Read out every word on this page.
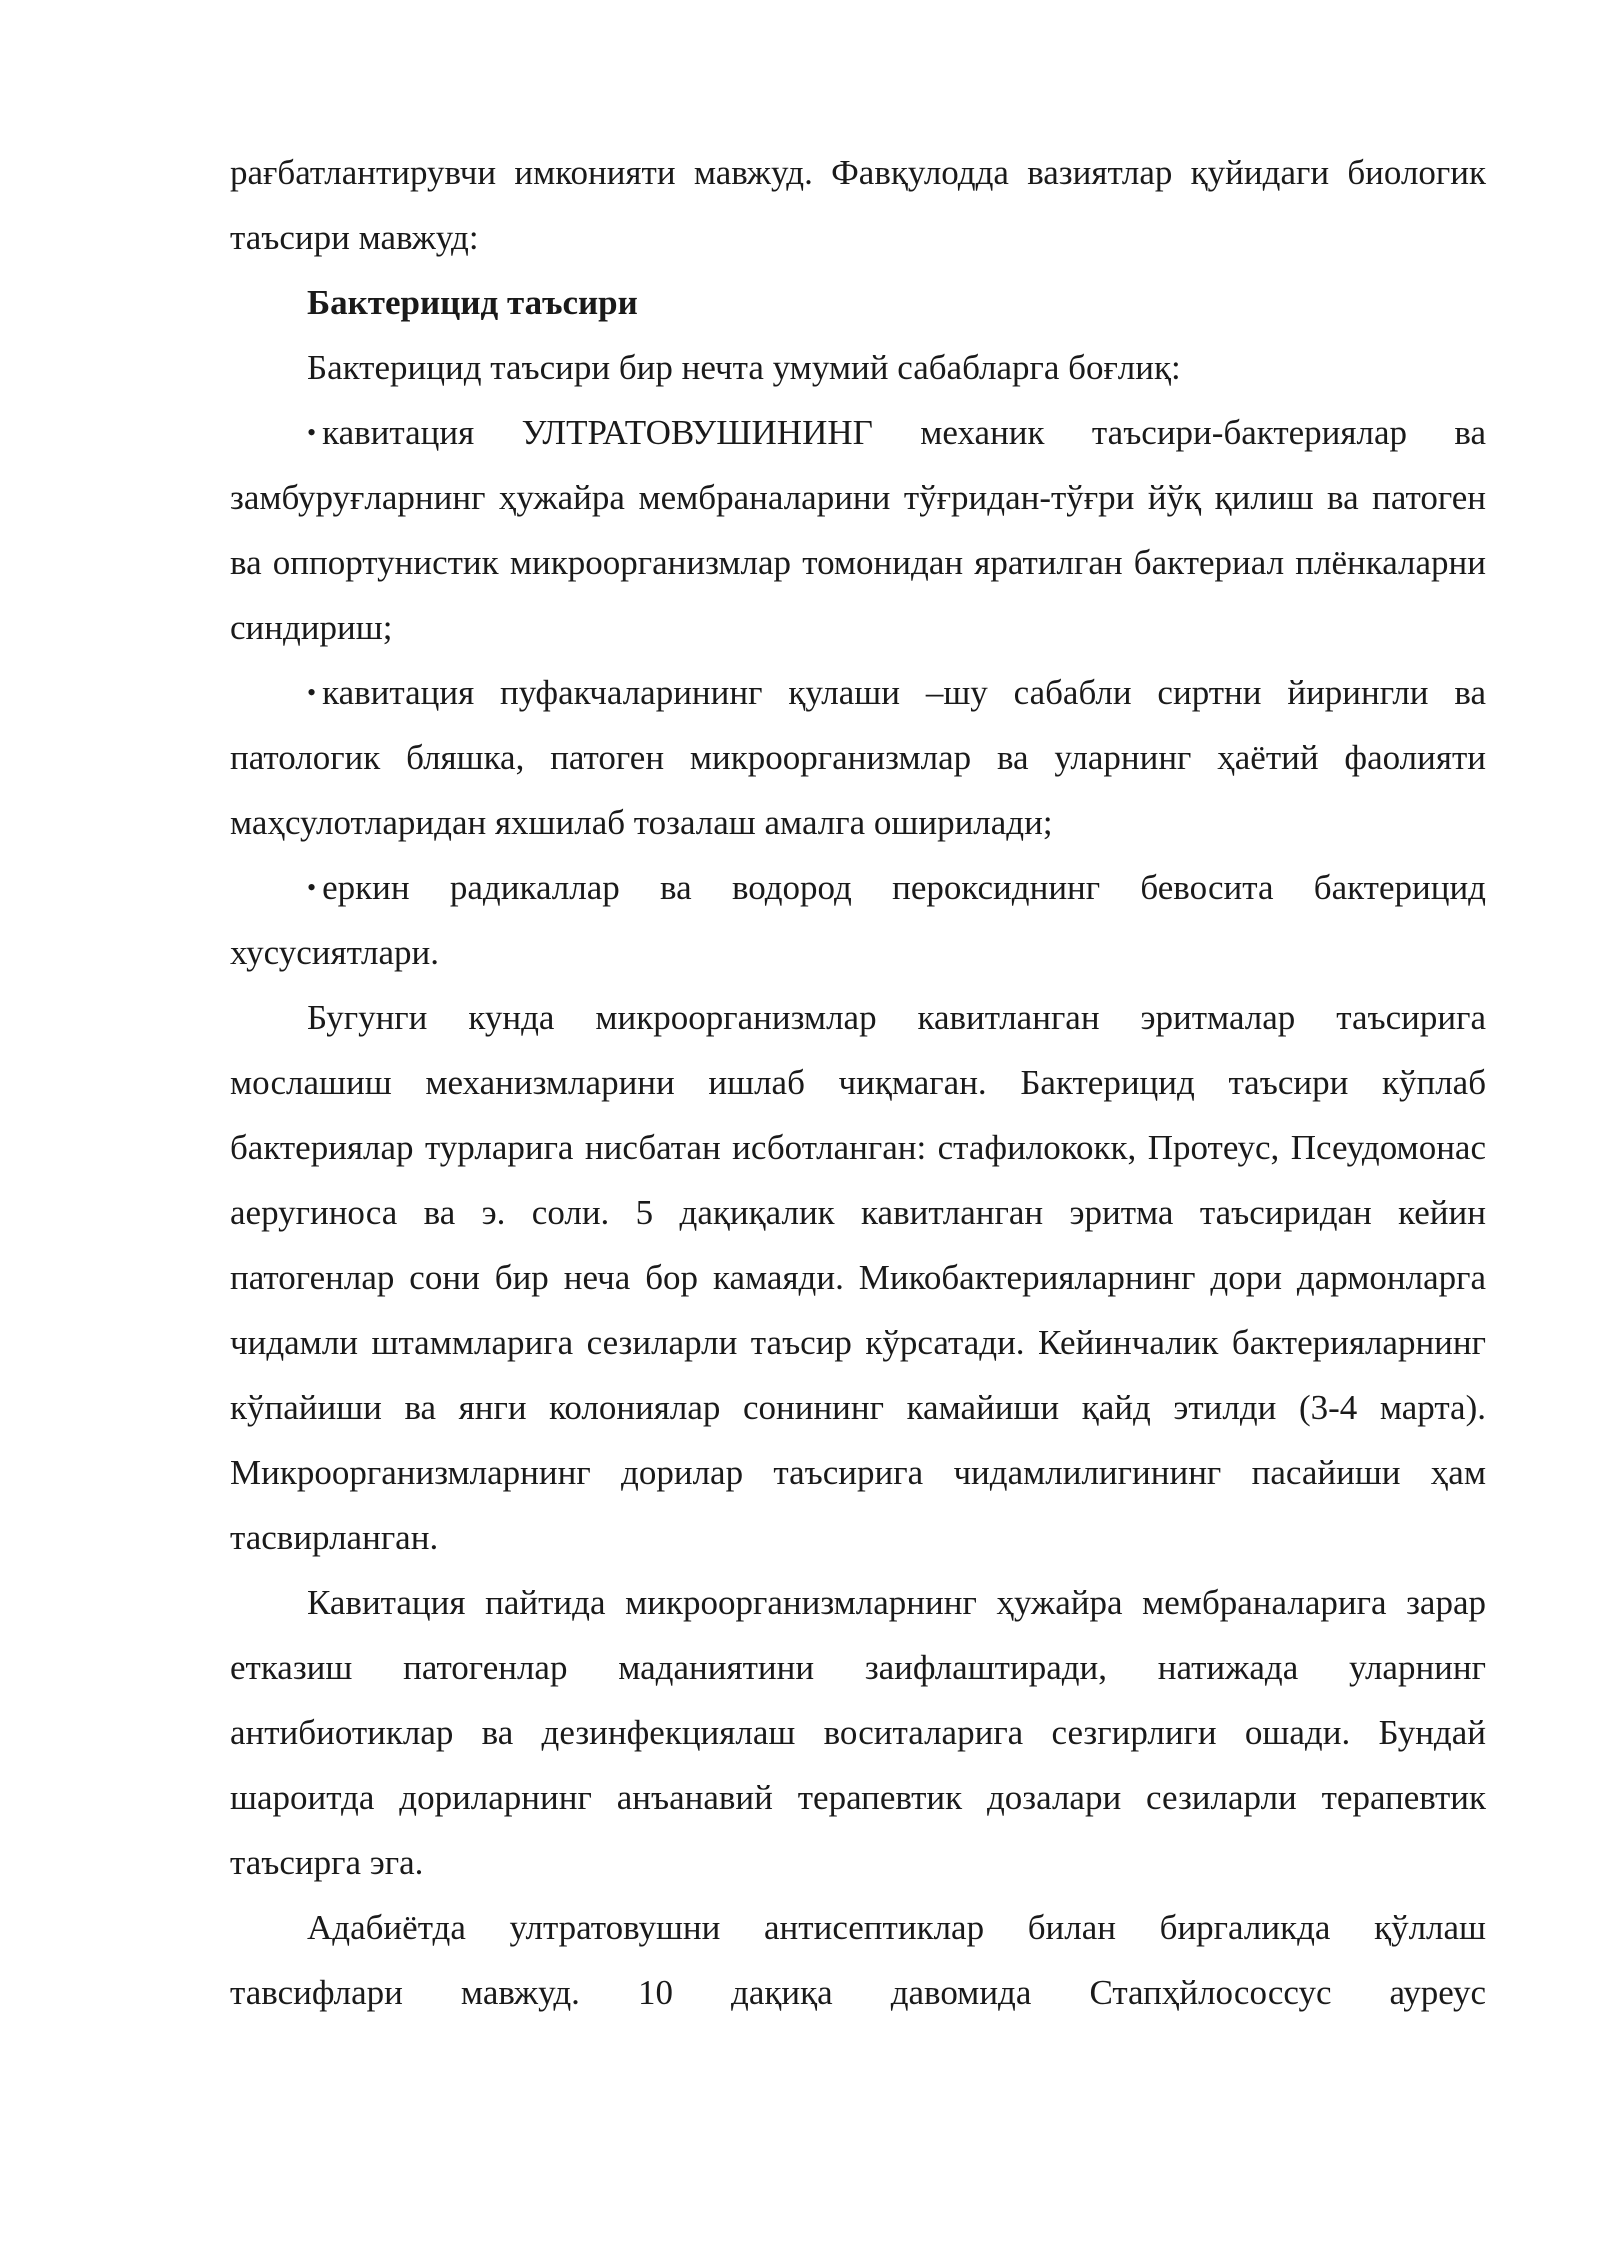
рағбатлантирувчи имконияти мавжуд. Фавқулодда вазиятлар қуйидаги биологик таъсири мавжуд:

Бактерицид таъсири

Бактерицид таъсири бир нечта умумий сабабларга боғлиқ:

• кавитация УЛТРАТОВУШИНИНГ механик таъсири-бактериялар ва замбуруғларнинг ҳужайра мембраналарини тўғридан-тўғри йўқ қилиш ва патоген ва оппортунистик микроорганизмлар томонидан яратилган бактериал плёнкаларни синдириш;

• кавитация пуфакчаларининг қулаши –шу сабабли сиртни йирингли ва патологик бляшка, патоген микроорганизмлар ва уларнинг ҳаётий фаолияти маҳсулотларидан яхшилаб тозалаш амалга оширилади;

• еркин радикаллар ва водород пероксиднинг бевосита бактерицид хусусиятлари.

Бугунги кунда микроорганизмлар кавитланган эритмалар таъсирига мослашиш механизмларини ишлаб чиқмаган. Бактерицид таъсири кўплаб бактериялар турларига нисбатан исботланган: стафилококк, Протеус, Псеудомонас аеругиноса ва э. соли. 5 дақиқалик кавитланган эритма таъсиридан кейин патогенлар сони бир неча бор камаяди. Микобактерияларнинг дори дармонларга чидамли штаммларига сезиларли таъсир кўрсатади. Кейинчалик бактерияларнинг кўпайиши ва янги колониялар сонининг камайиши қайд этилди (3-4 марта). Микроорганизмларнинг дорилар таъсирига чидамлилигининг пасайиши ҳам тасвирланган.

Кавитация пайтида микроорганизмларнинг ҳужайра мембраналарига зарар етказиш патогенлар маданиятини заифлаштиради, натижада уларнинг антибиотиклар ва дезинфекциялаш воситаларига сезгирлиги ошади. Бундай шароитда дориларнинг анъанавий терапевтик дозалари сезиларли терапевтик таъсирга эга.

Адабиётда ултратовушни антисептиклар билан биргаликда қўллаш тавсифлари мавжуд. 10 дақиқа давомида Стапҳйлососсус ауреус
